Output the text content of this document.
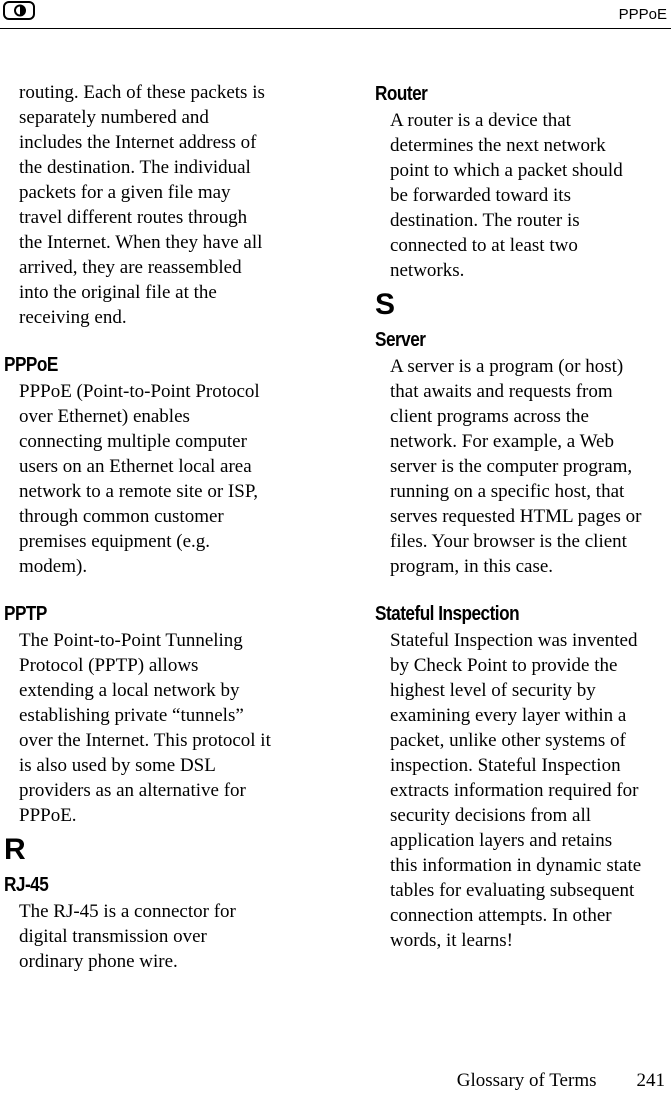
PPPoE

routing. Each of these packets is
separately numbered and
includes the Internet address of
the destination. The individual
packets for a given file may
travel different routes through
the Internet. When they have all
arrived, they are reassembled
into the original file at the
receiving end.

PPPoE

PPPoE (Point-to-Point Protocol
over Ethernet) enables
connecting multiple computer
users on an Ethernet local area
network to a remote site or ISP,
through common customer
premises equipment (e.g.
modem).

PPTP

The Point-to-Point Tunneling
Protocol (PPTP) allows
extending a local network by
establishing private “tunnels”
over the Internet. This protocol it
is also used by some DSL
providers as an alternative for
PPPoE.

R
RJ-45

The RJ-45 is a connector for
digital transmission over
ordinary phone wire.

Router

A router is a device that
determines the next network
point to which a packet should
be forwarded toward its
destination. The router is
connected to at least two
networks.

S
Server

A server is a program (or host)
that awaits and requests from
client programs across the
network. For example, a Web
server is the computer program,
running on a specific host, that
serves requested HTML pages or
files. Your browser is the client
program, in this case.

Stateful Inspection

Stateful Inspection was invented
by Check Point to provide the
highest level of security by
examining every layer within a
packet, unlike other systems of
inspection. Stateful Inspection
extracts information required for
security decisions from all
application layers and retains
this information in dynamic state
tables for evaluating subsequent
connection attempts. In other
words, it learns!

Glossary of Terms 241
